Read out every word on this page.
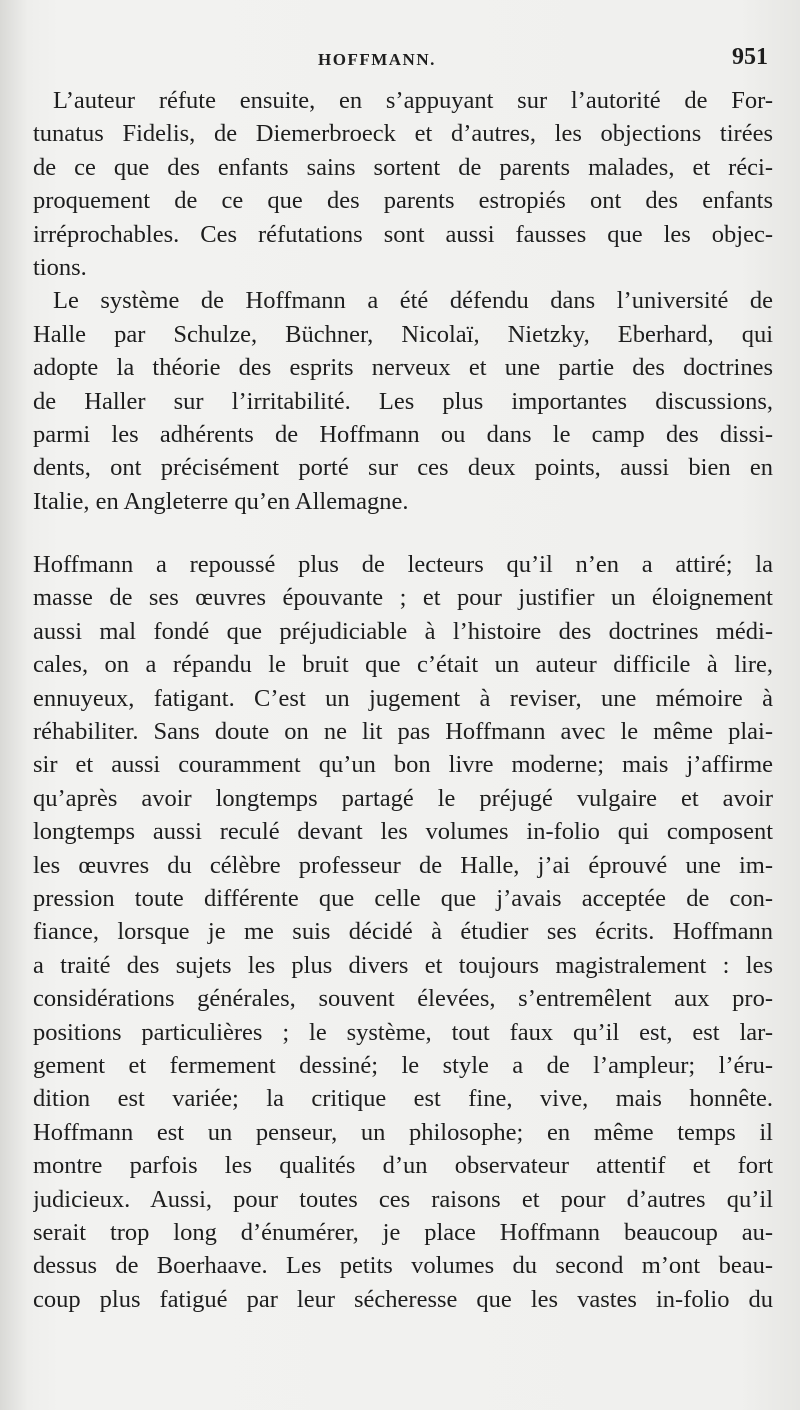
HOFFMANN.	951
L’auteur réfute ensuite, en s’appuyant sur l’autorité de For-
tunatus Fidelis, de Diemerbroeck et d’autres, les objections tirées
de ce que des enfants sains sortent de parents malades, et réci-
proquement de ce que des parents estropiés ont des enfants
irréprochables. Ces réfutations sont aussi fausses que les objec-
tions.
Le système de Hoffmann a été défendu dans l’université de
Halle par Schulze, Büchner, Nicolaï, Nietzky, Eberhard, qui
adopte la théorie des esprits nerveux et une partie des doctrines
de Haller sur l’irritabilité. Les plus importantes discussions,
parmi les adhérents de Hoffmann ou dans le camp des dissi-
dents, ont précisément porté sur ces deux points, aussi bien en
Italie, en Angleterre qu’en Allemagne.
Hoffmann a repoussé plus de lecteurs qu’il n’en a attiré; la
masse de ses œuvres épouvante ; et pour justifier un éloignement
aussi mal fondé que préjudiciable à l’histoire des doctrines médi-
cales, on a répandu le bruit que c’était un auteur difficile à lire,
ennuyeux, fatigant. C’est un jugement à reviser, une mémoire à
réhabiliter. Sans doute on ne lit pas Hoffmann avec le même plai-
sir et aussi couramment qu’un bon livre moderne; mais j’affirme
qu’après avoir longtemps partagé le préjugé vulgaire et avoir
longtemps aussi reculé devant les volumes in-folio qui composent
les œuvres du célèbre professeur de Halle, j’ai éprouvé une im-
pression toute différente que celle que j’avais acceptée de con-
fiance, lorsque je me suis décidé à étudier ses écrits. Hoffmann
a traité des sujets les plus divers et toujours magistralement : les
considérations générales, souvent élevées, s’entremêlent aux pro-
positions particulières ; le système, tout faux qu’il est, est lar-
gement et fermement dessiné; le style a de l’ampleur; l’éru-
dition est variée; la critique est fine, vive, mais honnête.
Hoffmann est un penseur, un philosophe; en même temps il
montre parfois les qualités d’un observateur attentif et fort
judicieux. Aussi, pour toutes ces raisons et pour d’autres qu’il
serait trop long d’énumérer, je place Hoffmann beaucoup au-
dessus de Boerhaave. Les petits volumes du second m’ont beau-
coup plus fatigué par leur sécheresse que les vastes in-folio du
